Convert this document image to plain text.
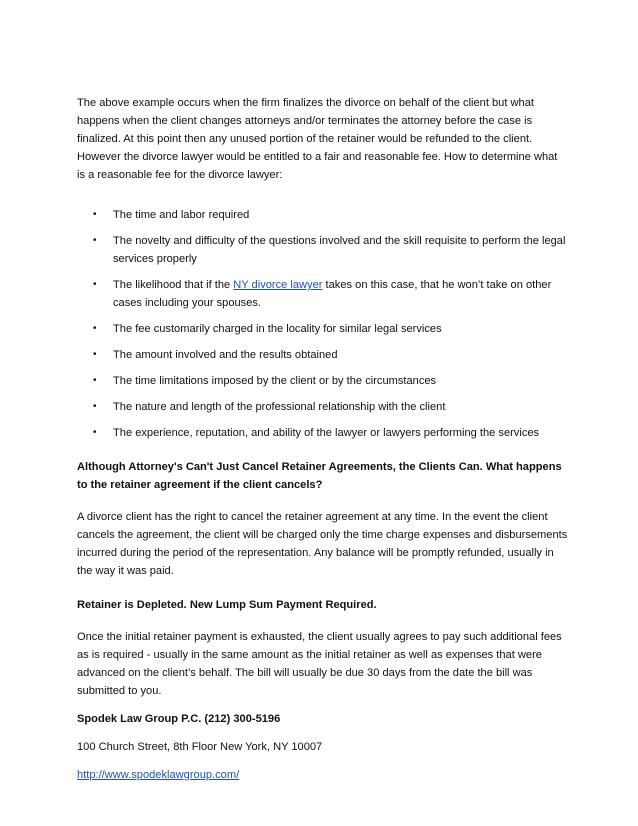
The above example occurs when the firm finalizes the divorce on behalf of the client but what happens when the client changes attorneys and/or terminates the attorney before the case is finalized. At this point then any unused portion of the retainer would be refunded to the client. However the divorce lawyer would be entitled to a fair and reasonable fee. How to determine what is a reasonable fee for the divorce lawyer:

• The time and labor required
• The novelty and difficulty of the questions involved and the skill requisite to perform the legal services properly
• The likelihood that if the NY divorce lawyer takes on this case, that he won’t take on other cases including your spouses.
• The fee customarily charged in the locality for similar legal services
• The amount involved and the results obtained
• The time limitations imposed by the client or by the circumstances
• The nature and length of the professional relationship with the client
• The experience, reputation, and ability of the lawyer or lawyers performing the services

Although Attorney's Can't Just Cancel Retainer Agreements, the Clients Can. What happens to the retainer agreement if the client cancels?

A divorce client has the right to cancel the retainer agreement at any time. In the event the client cancels the agreement, the client will be charged only the time charge expenses and disbursements incurred during the period of the representation. Any balance will be promptly refunded, usually in the way it was paid.

Retainer is Depleted. New Lump Sum Payment Required.

Once the initial retainer payment is exhausted, the client usually agrees to pay such additional fees as is required - usually in the same amount as the initial retainer as well as expenses that were advanced on the client’s behalf. The bill will usually be due 30 days from the date the bill was submitted to you.

Spodek Law Group P.C. (212) 300-5196

100 Church Street, 8th Floor New York, NY 10007

http://www.spodeklawgroup.com/
